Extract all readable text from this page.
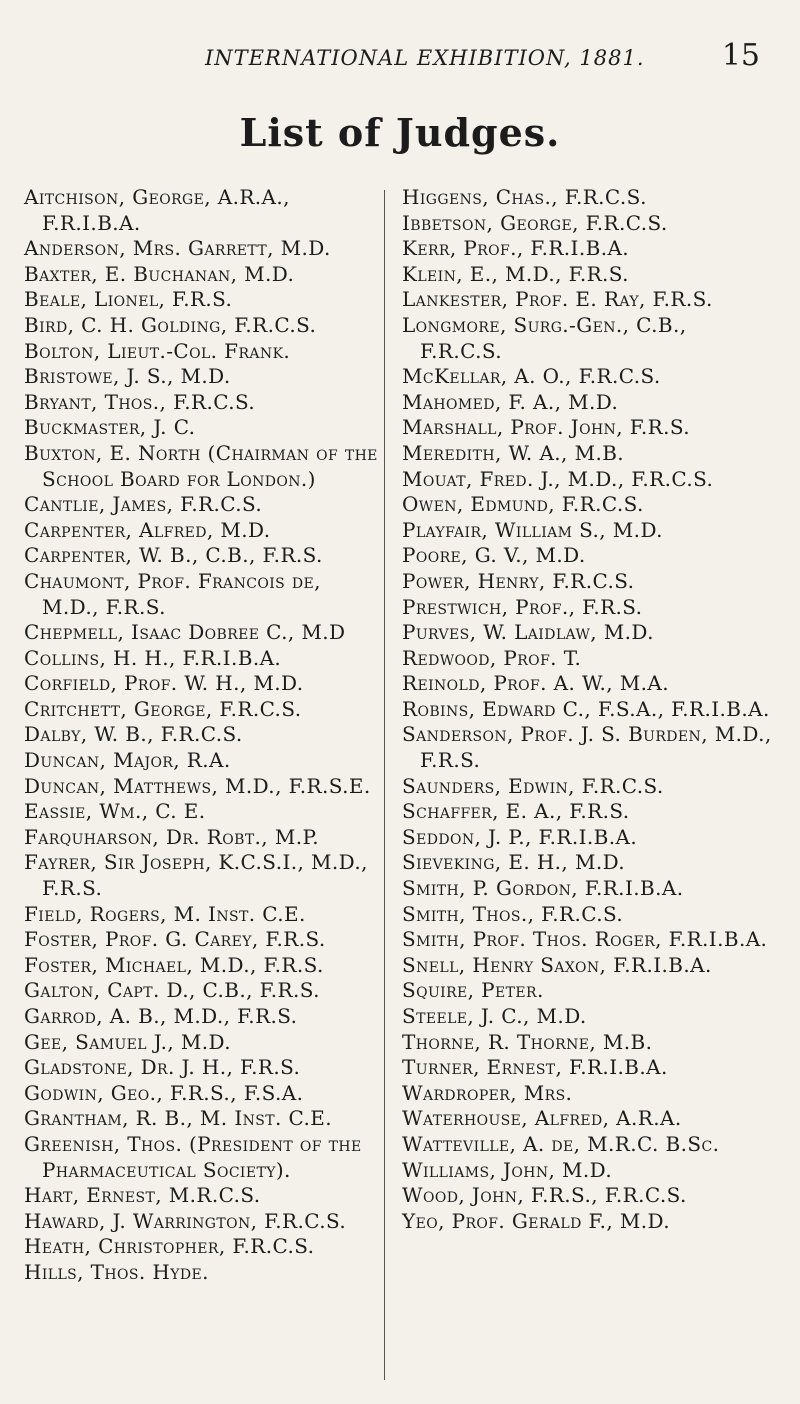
INTERNATIONAL EXHIBITION, 1881.	15
List of Judges.
Aitchison, George, A.R.A., F.R.I.B.A.
Anderson, Mrs. Garrett, M.D.
Baxter, E. Buchanan, M.D.
Beale, Lionel, F.R.S.
Bird, C. H. Golding, F.R.C.S.
Bolton, Lieut.-Col. Frank.
Bristowe, J. S., M.D.
Bryant, Thos., F.R.C.S.
Buckmaster, J. C.
Buxton, E. North (Chairman of the School Board for London.)
Cantlie, James, F.R.C.S.
Carpenter, Alfred, M.D.
Carpenter, W. B., C.B., F.R.S.
Chaumont, Prof. Francois de, M.D., F.R.S.
Chepmell, Isaac Dobree C., M.D
Collins, H. H., F.R.I.B.A.
Corfield, Prof. W. H., M.D.
Critchett, George, F.R.C.S.
Dalby, W. B., F.R.C.S.
Duncan, Major, R.A.
Duncan, Matthews, M.D., F.R.S.E.
Eassie, Wm., C. E.
Farquharson, Dr. Robt., M.P.
Fayrer, Sir Joseph, K.C.S.I., M.D., F.R.S.
Field, Rogers, M. Inst. C.E.
Foster, Prof. G. Carey, F.R.S.
Foster, Michael, M.D., F.R.S.
Galton, Capt. D., C.B., F.R.S.
Garrod, A. B., M.D., F.R.S.
Gee, Samuel J., M.D.
Gladstone, Dr. J. H., F.R.S.
Godwin, Geo., F.R.S., F.S.A.
Grantham, R. B., M. Inst. C.E.
Greenish, Thos. (President of the Pharmaceutical Society).
Hart, Ernest, M.R.C.S.
Haward, J. Warrington, F.R.C.S.
Heath, Christopher, F.R.C.S.
Hills, Thos. Hyde.
Higgens, Chas., F.R.C.S.
Ibbetson, George, F.R.C.S.
Kerr, Prof., F.R.I.B.A.
Klein, E., M.D., F.R.S.
Lankester, Prof. E. Ray, F.R.S.
Longmore, Surg.-Gen., C.B., F.R.C.S.
McKellar, A. O., F.R.C.S.
Mahomed, F. A., M.D.
Marshall, Prof. John, F.R.S.
Meredith, W. A., M.B.
Mouat, Fred. J., M.D., F.R.C.S.
Owen, Edmund, F.R.C.S.
Playfair, William S., M.D.
Poore, G. V., M.D.
Power, Henry, F.R.C.S.
Prestwich, Prof., F.R.S.
Purves, W. Laidlaw, M.D.
Redwood, Prof. T.
Reinold, Prof. A. W., M.A.
Robins, Edward C., F.S.A., F.R.I.B.A.
Sanderson, Prof. J. S. Burden, M.D., F.R.S.
Saunders, Edwin, F.R.C.S.
Schaffer, E. A., F.R.S.
Seddon, J. P., F.R.I.B.A.
Sieveking, E. H., M.D.
Smith, P. Gordon, F.R.I.B.A.
Smith, Thos., F.R.C.S.
Smith, Prof. Thos. Roger, F.R.I.B.A.
Snell, Henry Saxon, F.R.I.B.A.
Squire, Peter.
Steele, J. C., M.D.
Thorne, R. Thorne, M.B.
Turner, Ernest, F.R.I.B.A.
Wardroper, Mrs.
Waterhouse, Alfred, A.R.A.
Watteville, A. de, M.R.C. B.Sc.
Williams, John, M.D.
Wood, John, F.R.S., F.R.C.S.
Yeo, Prof. Gerald F., M.D.
